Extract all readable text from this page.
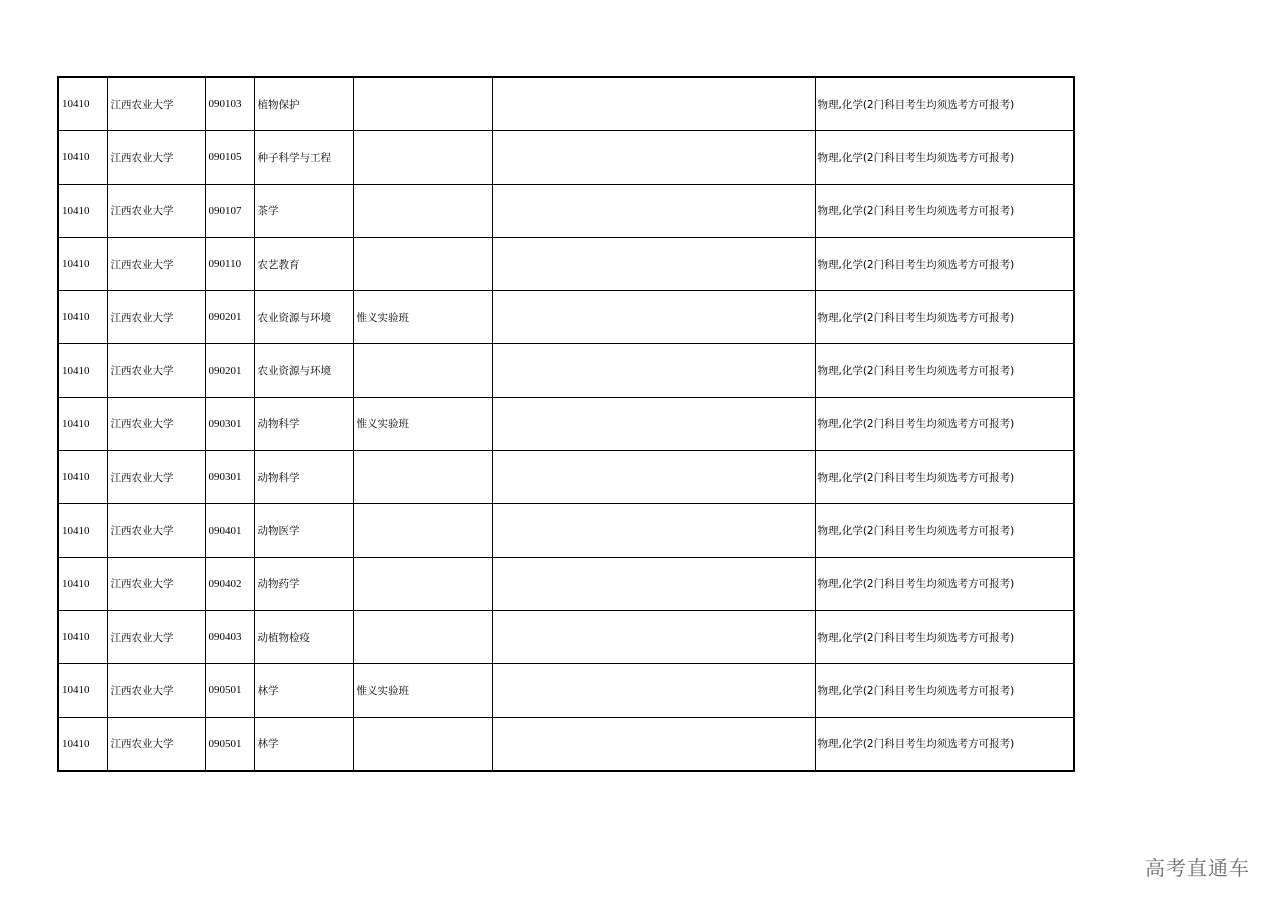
10410	江西农业大学	090103	植物保护			物理,化学(2门科目考生均须选考方可报考)
10410	江西农业大学	090105	种子科学与工程			物理,化学(2门科目考生均须选考方可报考)
10410	江西农业大学	090107	茶学			物理,化学(2门科目考生均须选考方可报考)
10410	江西农业大学	090110	农艺教育			物理,化学(2门科目考生均须选考方可报考)
10410	江西农业大学	090201	农业资源与环境	惟义实验班		物理,化学(2门科目考生均须选考方可报考)
10410	江西农业大学	090201	农业资源与环境			物理,化学(2门科目考生均须选考方可报考)
10410	江西农业大学	090301	动物科学	惟义实验班		物理,化学(2门科目考生均须选考方可报考)
10410	江西农业大学	090301	动物科学			物理,化学(2门科目考生均须选考方可报考)
10410	江西农业大学	090401	动物医学			物理,化学(2门科目考生均须选考方可报考)
10410	江西农业大学	090402	动物药学			物理,化学(2门科目考生均须选考方可报考)
10410	江西农业大学	090403	动植物检疫			物理,化学(2门科目考生均须选考方可报考)
10410	江西农业大学	090501	林学	惟义实验班		物理,化学(2门科目考生均须选考方可报考)
10410	江西农业大学	090501	林学			物理,化学(2门科目考生均须选考方可报考)
高考直通车
